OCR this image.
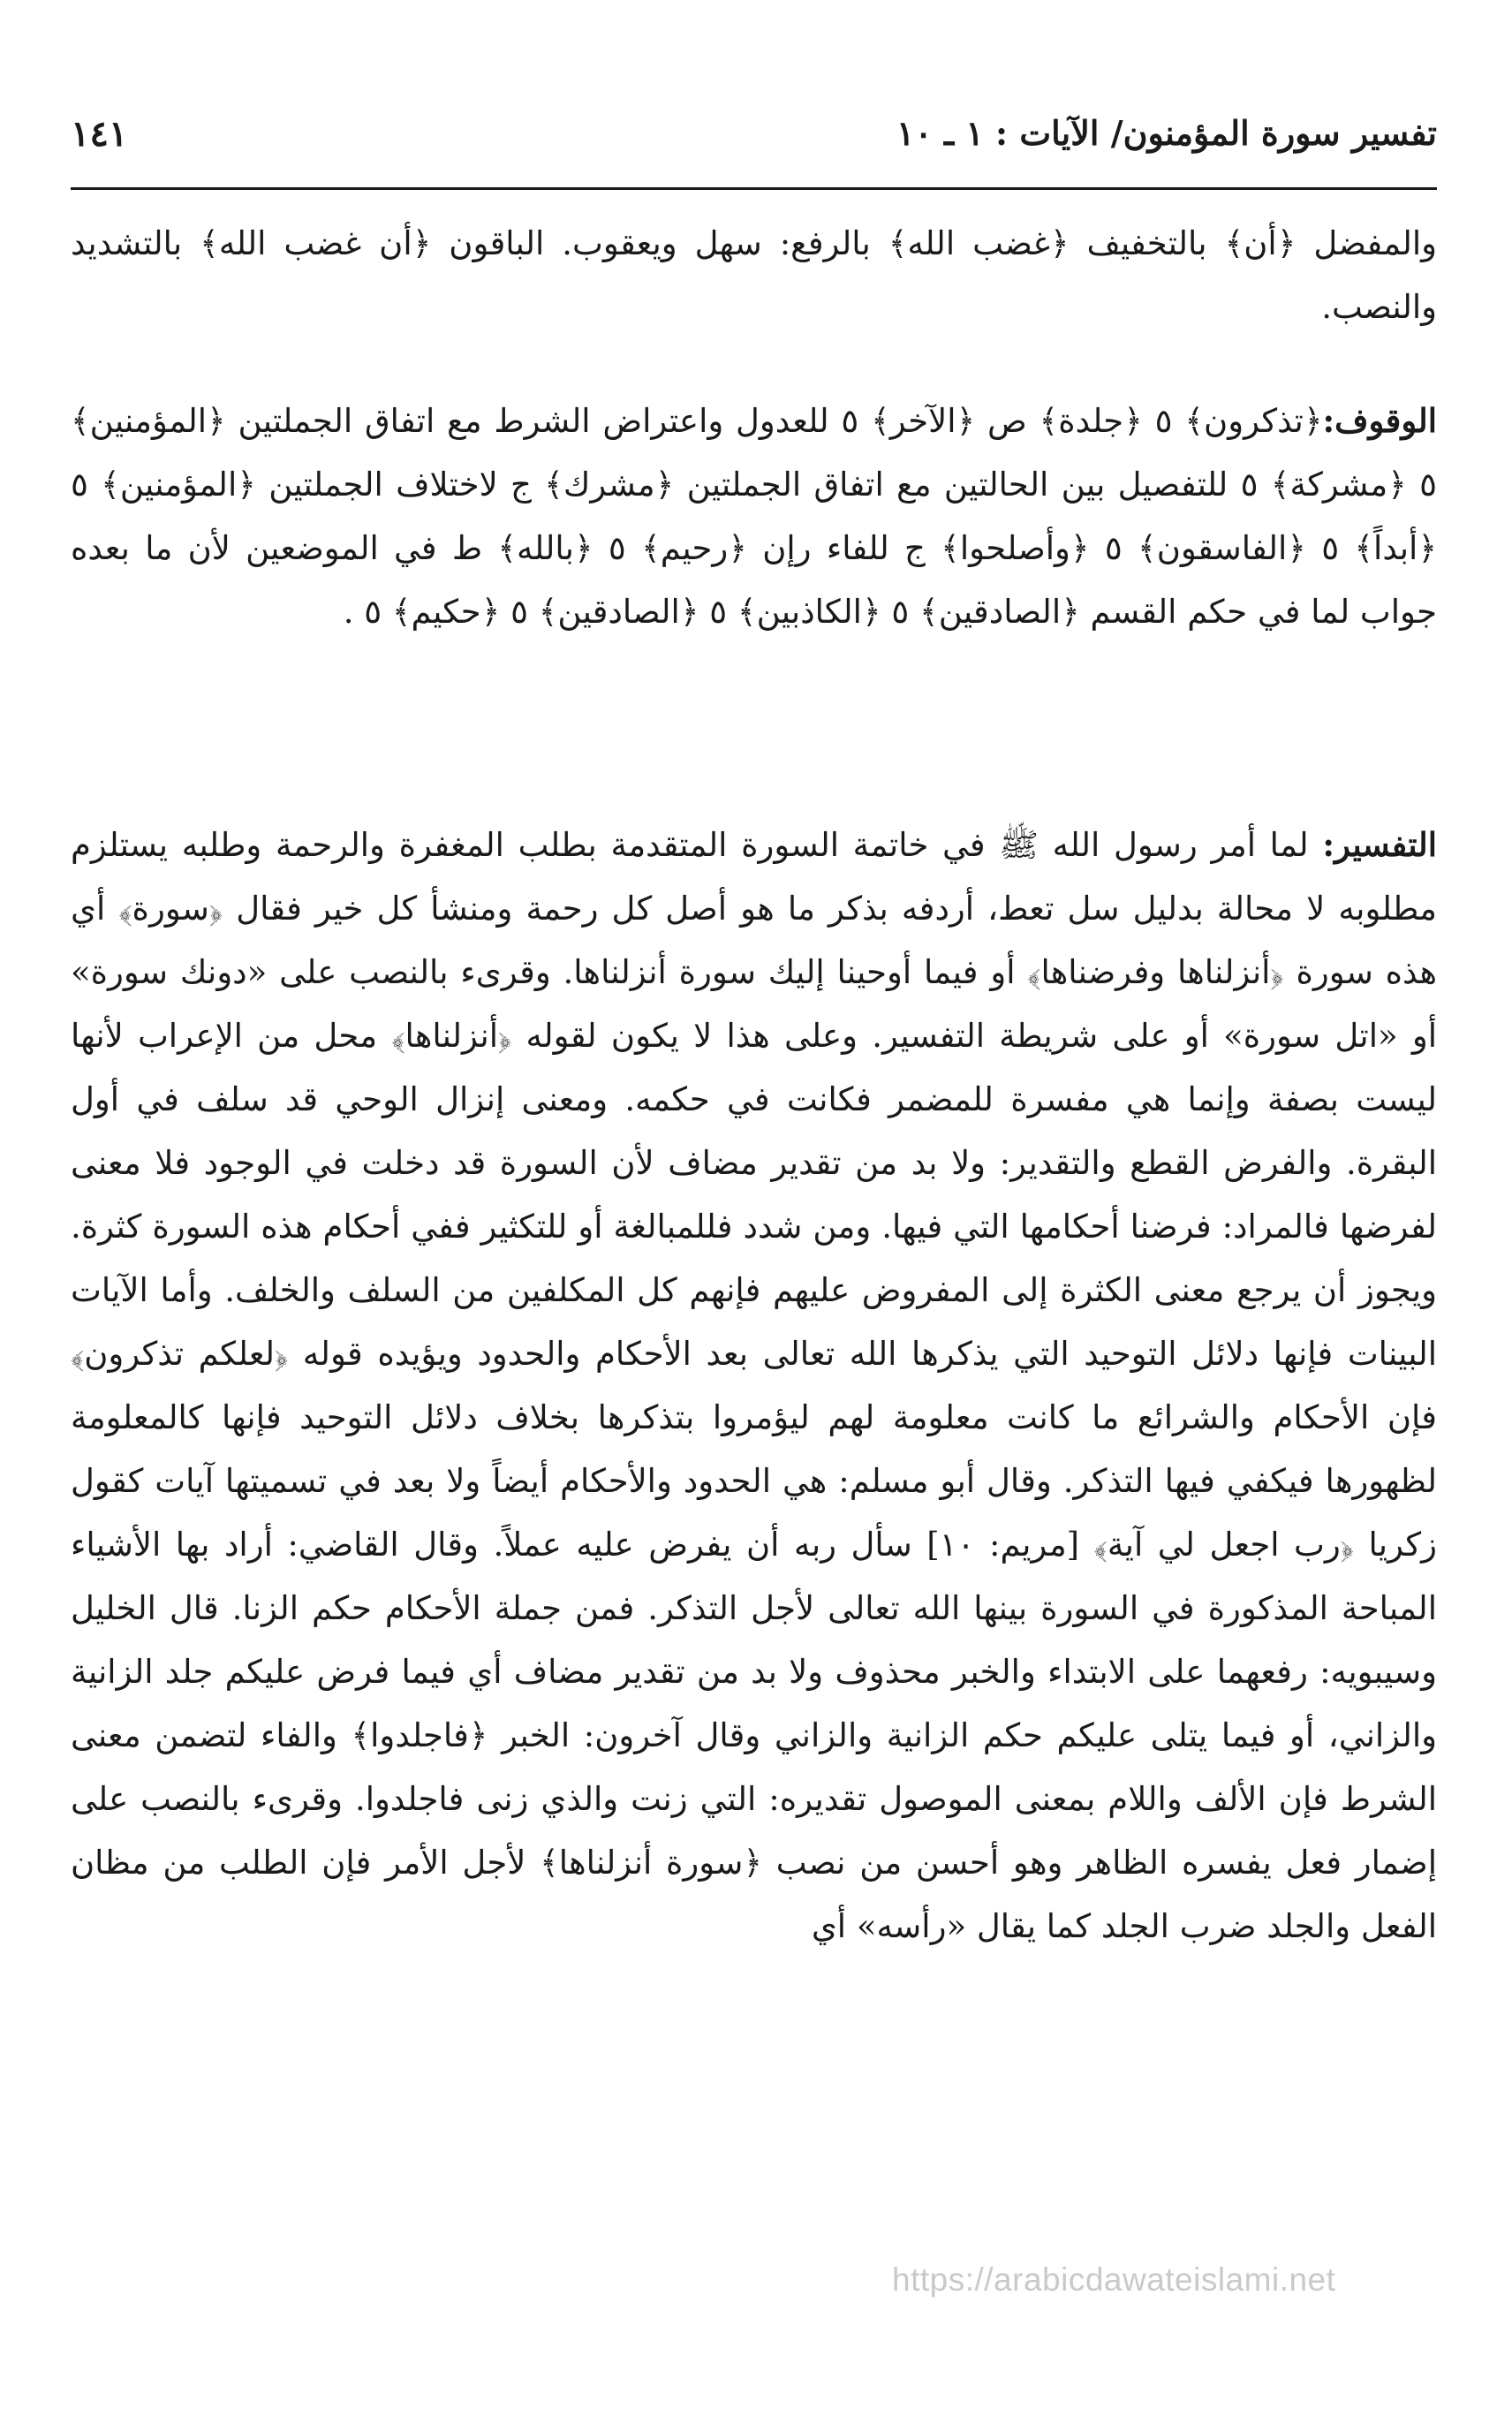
تفسير سورة المؤمنون/ الآيات : ١ ـ ١٠
١٤١
والمفضل ﴿أن﴾ بالتخفيف ﴿غضب الله﴾ بالرفع: سهل ويعقوب. الباقون ﴿أن غضب الله﴾ بالتشديد والنصب.
الوقوف:﴿تذكرون﴾ ٥ ﴿جلدة﴾ ص ﴿الآخر﴾ ٥ للعدول واعتراض الشرط مع اتفاق الجملتين ﴿المؤمنين﴾ ٥ ﴿مشركة﴾ ٥ للتفصيل بين الحالتين مع اتفاق الجملتين ﴿مشرك﴾ ج لاختلاف الجملتين ﴿المؤمنين﴾ ٥ ﴿أبداً﴾ ٥ ﴿الفاسقون﴾ ٥ ﴿وأصلحوا﴾ ج للفاء رإن ﴿رحيم﴾ ٥ ﴿بالله﴾ ط في الموضعين لأن ما بعده جواب لما في حكم القسم ﴿الصادقين﴾ ٥ ﴿الكاذبين﴾ ٥ ﴿الصادقين﴾ ٥ ﴿حكيم﴾ ٥ .
التفسير: لما أمر رسول الله ﷺ في خاتمة السورة المتقدمة بطلب المغفرة والرحمة وطلبه يستلزم مطلوبه لا محالة بدليل سل تعط، أردفه بذكر ما هو أصل كل رحمة ومنشأ كل خير فقال ﴿سورة﴾ أي هذه سورة ﴿أنزلناها وفرضناها﴾ أو فيما أوحينا إليك سورة أنزلناها. وقرىء بالنصب على «دونك سورة» أو «اتل سورة» أو على شريطة التفسير. وعلى هذا لا يكون لقوله ﴿أنزلناها﴾ محل من الإعراب لأنها ليست بصفة وإنما هي مفسرة للمضمر فكانت في حكمه. ومعنى إنزال الوحي قد سلف في أول البقرة. والفرض القطع والتقدير: ولا بد من تقدير مضاف لأن السورة قد دخلت في الوجود فلا معنى لفرضها فالمراد: فرضنا أحكامها التي فيها. ومن شدد فللمبالغة أو للتكثير ففي أحكام هذه السورة كثرة. ويجوز أن يرجع معنى الكثرة إلى المفروض عليهم فإنهم كل المكلفين من السلف والخلف. وأما الآيات البينات فإنها دلائل التوحيد التي يذكرها الله تعالى بعد الأحكام والحدود ويؤيده قوله ﴿لعلكم تذكرون﴾ فإن الأحكام والشرائع ما كانت معلومة لهم ليؤمروا بتذكرها بخلاف دلائل التوحيد فإنها كالمعلومة لظهورها فيكفي فيها التذكر. وقال أبو مسلم: هي الحدود والأحكام أيضاً ولا بعد في تسميتها آيات كقول زكريا ﴿رب اجعل لي آية﴾ [مريم: ١٠] سأل ربه أن يفرض عليه عملاً. وقال القاضي: أراد بها الأشياء المباحة المذكورة في السورة بينها الله تعالى لأجل التذكر. فمن جملة الأحكام حكم الزنا. قال الخليل وسيبويه: رفعهما على الابتداء والخبر محذوف ولا بد من تقدير مضاف أي فيما فرض عليكم جلد الزانية والزاني، أو فيما يتلى عليكم حكم الزانية والزاني وقال آخرون: الخبر ﴿فاجلدوا﴾ والفاء لتضمن معنى الشرط فإن الألف واللام بمعنى الموصول تقديره: التي زنت والذي زنى فاجلدوا. وقرىء بالنصب على إضمار فعل يفسره الظاهر وهو أحسن من نصب ﴿سورة أنزلناها﴾ لأجل الأمر فإن الطلب من مظان الفعل والجلد ضرب الجلد كما يقال «رأسه» أي
https://arabicdawateislami.net
